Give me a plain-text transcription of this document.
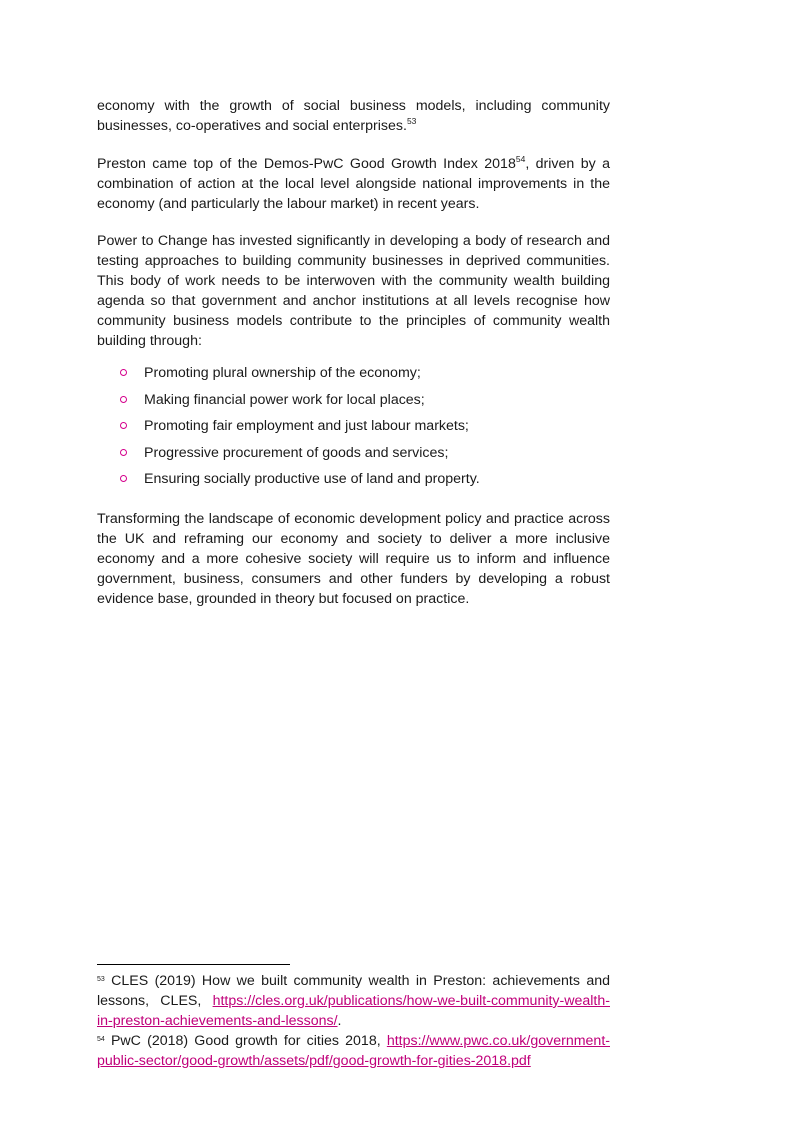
economy with the growth of social business models, including community businesses, co-operatives and social enterprises.$^{53}$

Preston came top of the Demos-PwC Good Growth Index 2018$^{54}$, driven by a combination of action at the local level alongside national improvements in the economy (and particularly the labour market) in recent years.

Power to Change has invested significantly in developing a body of research and testing approaches to building community businesses in deprived communities. This body of work needs to be interwoven with the community wealth building agenda so that government and anchor institutions at all levels recognise how community business models contribute to the principles of community wealth building through:

Promoting plural ownership of the economy;
Making financial power work for local places;
Promoting fair employment and just labour markets;
Progressive procurement of goods and services;
Ensuring socially productive use of land and property.

Transforming the landscape of economic development policy and practice across the UK and reframing our economy and society to deliver a more inclusive economy and a more cohesive society will require us to inform and influence government, business, consumers and other funders by developing a robust evidence base, grounded in theory but focused on practice.

$^{53}$ CLES (2019) How we built community wealth in Preston: achievements and lessons, CLES, https://cles.org.uk/publications/how-we-built-community-wealth-in-preston-achievements-and-lessons/.

$^{54}$ PwC (2018) Good growth for cities 2018, https://www.pwc.co.uk/government-public-sector/good-growth/assets/pdf/good-growth-for-gities-2018.pdf
